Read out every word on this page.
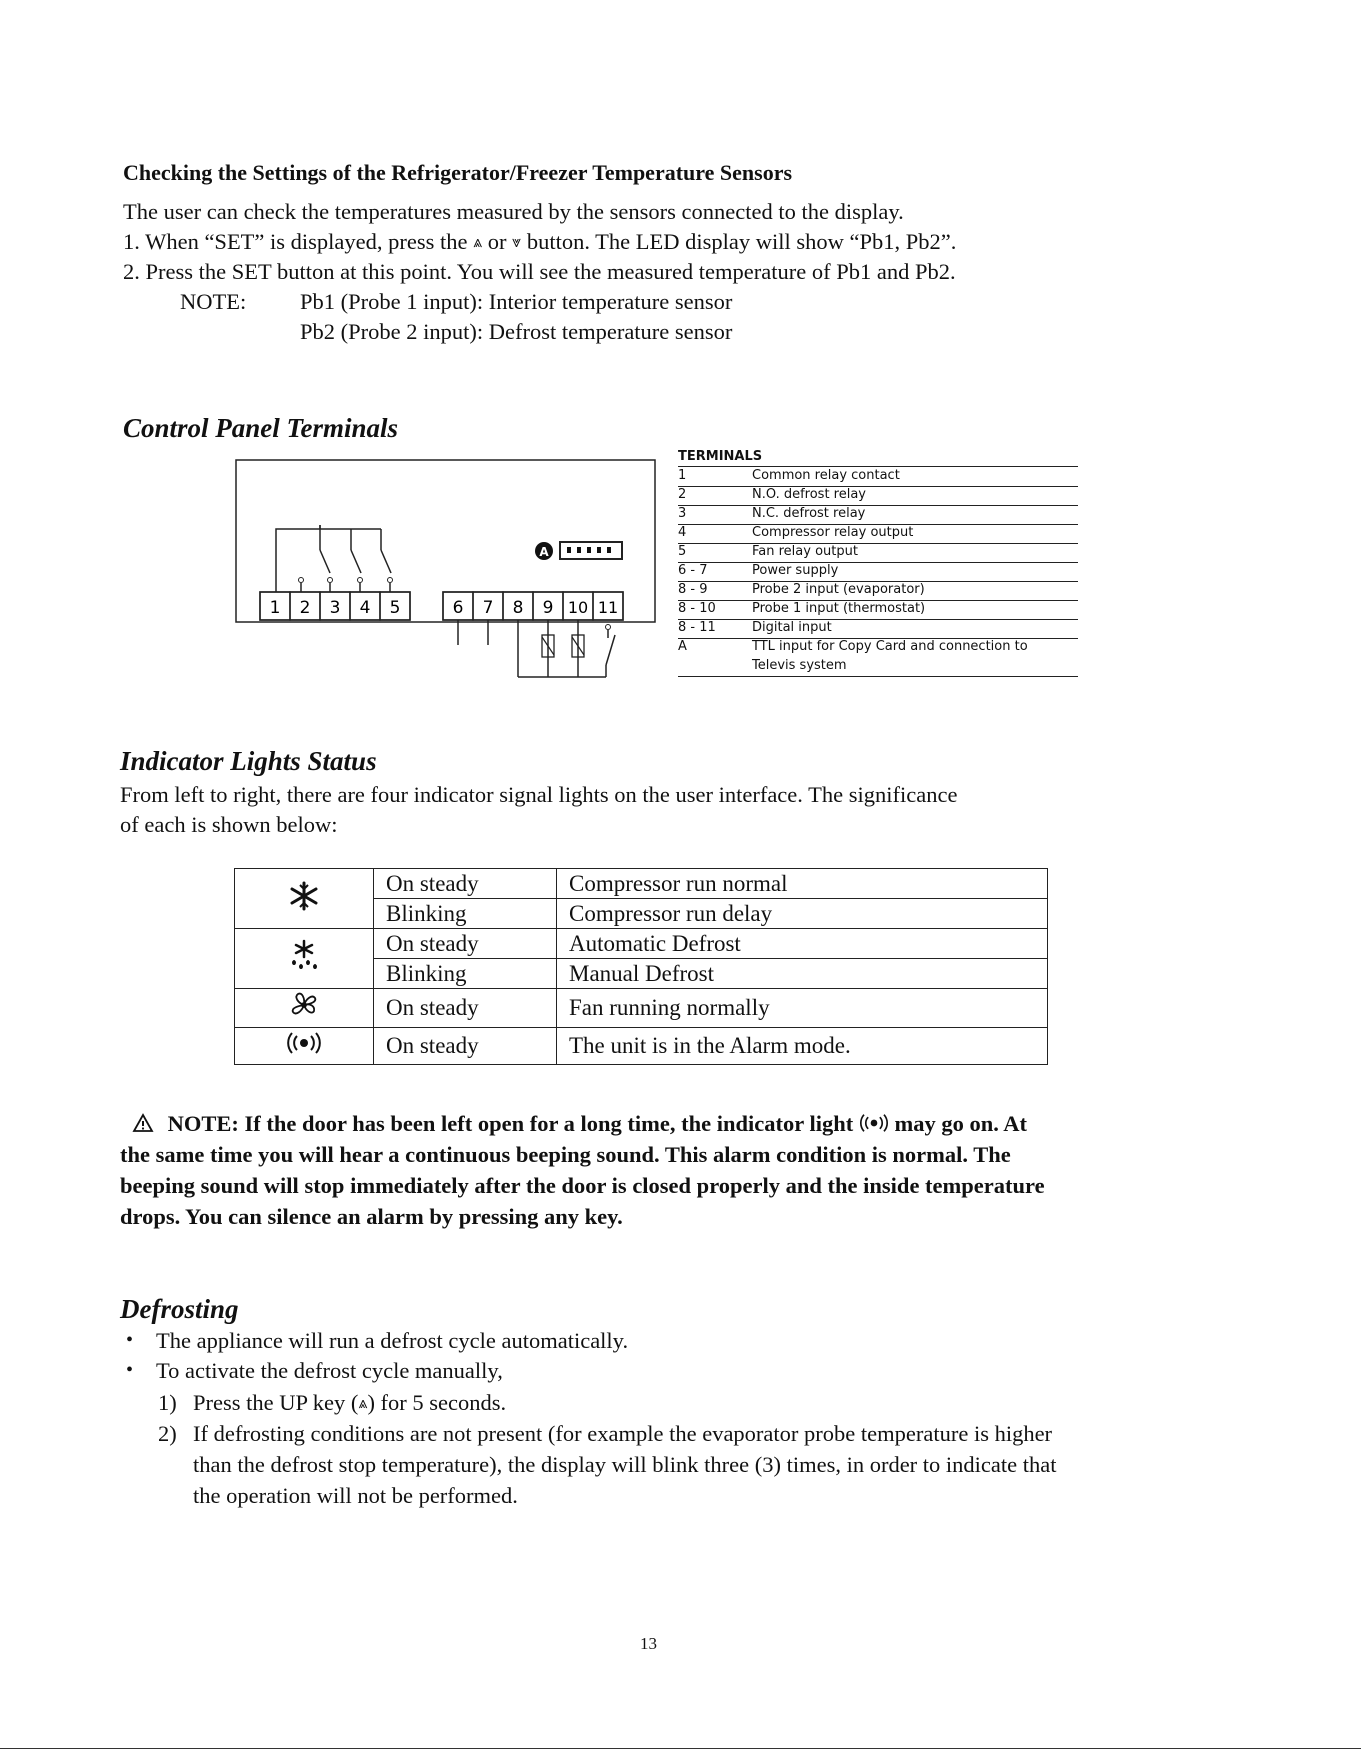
Checking the Settings of the Refrigerator/Freezer Temperature Sensors
The user can check the temperatures measured by the sensors connected to the display.
1. When “SET” is displayed, press the ⩓ or ⩔ button. The LED display will show “Pb1, Pb2”.
2. Press the SET button at this point. You will see the measured temperature of Pb1 and Pb2.
NOTE: Pb1 (Probe 1 input): Interior temperature sensor
Pb2 (Probe 2 input): Defrost temperature sensor
Control Panel Terminals
1 2 3 4 5	6 7 8 9 10 11
A
TERMINALS
1	Common relay contact
2	N.O. defrost relay
3	N.C. defrost relay
4	Compressor relay output
5	Fan relay output
6 - 7	Power supply
8 - 9	Probe 2 input (evaporator)
8 - 10	Probe 1 input (thermostat)
8 - 11	Digital input
A	TTL input for Copy Card and connection to
Televis system
Indicator Lights Status
From left to right, there are four indicator signal lights on the user interface. The significance
of each is shown below:
	On steady	Compressor run normal
	Blinking	Compressor run delay
	On steady	Automatic Defrost
	Blinking	Manual Defrost
	On steady	Fan running normally
	On steady	The unit is in the Alarm mode.
NOTE: If the door has been left open for a long time, the indicator light may go on. At
the same time you will hear a continuous beeping sound. This alarm condition is normal. The
beeping sound will stop immediately after the door is closed properly and the inside temperature
drops. You can silence an alarm by pressing any key.
Defrosting
• The appliance will run a defrost cycle automatically.
• To activate the defrost cycle manually,
1) Press the UP key (⩓) for 5 seconds.
2) If defrosting conditions are not present (for example the evaporator probe temperature is higher
than the defrost stop temperature), the display will blink three (3) times, in order to indicate that
the operation will not be performed.
13
